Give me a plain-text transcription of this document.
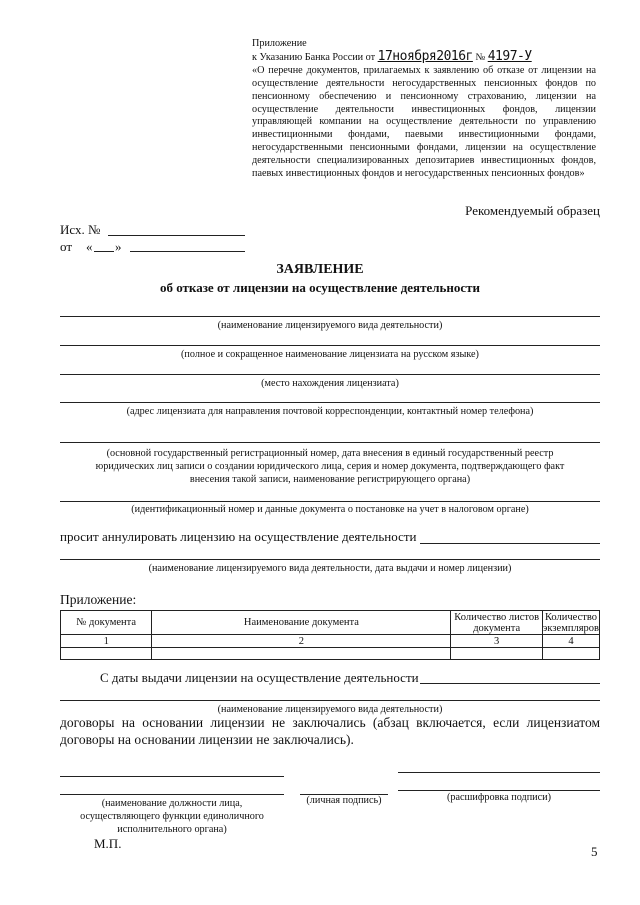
Приложение
к Указанию Банка России от 17ноября2016г № 4197-У
«О перечне документов, прилагаемых к заявлению об отказе от лицензии на осуществление деятельности негосударственных пенсионных фондов по пенсионному обеспечению и пенсионному страхованию, лицензии на осуществление деятельности инвестиционных фондов, лицензии управляющей компании на осуществление деятельности по управлению инвестиционными фондами, паевыми инвестиционными фондами, негосударственными пенсионными фондами, лицензии на осуществление деятельности специализированных депозитариев инвестиционных фондов, паевых инвестиционных фондов и негосударственных пенсионных фондов»
Рекомендуемый образец
Исх. №
от « »
ЗАЯВЛЕНИЕ
об отказе от лицензии на осуществление деятельности
(наименование лицензируемого вида деятельности)
(полное и сокращенное наименование лицензиата на русском языке)
(место нахождения лицензиата)
(адрес лицензиата для направления почтовой корреспонденции, контактный номер телефона)
(основной государственный регистрационный номер, дата внесения в единый государственный реестр
юридических лиц записи о создании юридического лица, серия и номер документа, подтверждающего факт
внесения такой записи, наименование регистрирующего органа)
(идентификационный номер и данные документа о постановке на учет в налоговом органе)
просит аннулировать лицензию на осуществление деятельности
(наименование лицензируемого вида деятельности, дата выдачи и номер лицензии)
Приложение:
№ документа	Наименование документа	Количество листов документа	Количество экземпляров
1	2	3	4

С даты выдачи лицензии на осуществление деятельности
(наименование лицензируемого вида деятельности)
договоры на основании лицензии не заключались (абзац включается, если лицензиатом договоры на основании лицензии не заключались).
(наименование должности лица,
осуществляющего функции единоличного
исполнительного органа)
(личная подпись)	(расшифровка подписи)
М.П.
5
